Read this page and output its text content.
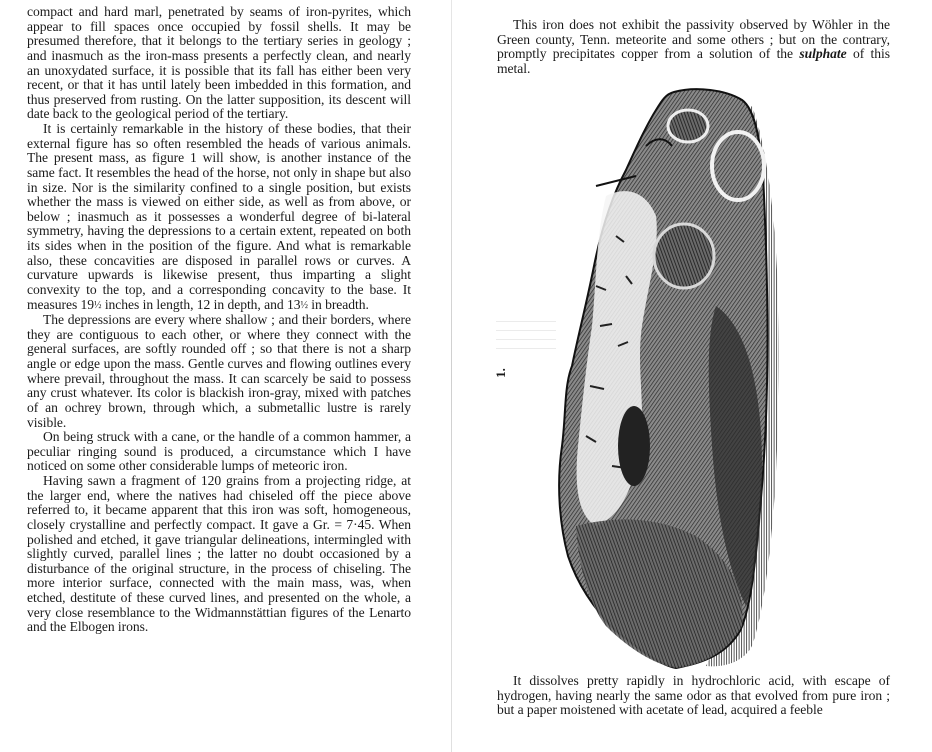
compact and hard marl, penetrated by seams of iron-pyrites, which appear to fill spaces once occupied by fossil shells. It may be presumed therefore, that it belongs to the tertiary series in geology ; and inasmuch as the iron-mass presents a perfectly clean, and nearly an unoxydated surface, it is possible that its fall has either been very recent, or that it has until lately been imbedded in this formation, and thus preserved from rusting. On the latter supposition, its descent will date back to the geological period of the tertiary.

It is certainly remarkable in the history of these bodies, that their external figure has so often resembled the heads of various animals. The present mass, as figure 1 will show, is another instance of the same fact. It resembles the head of the horse, not only in shape but also in size. Nor is the similarity confined to a single position, but exists whether the mass is viewed on either side, as well as from above, or below ; inasmuch as it possesses a wonderful degree of bi-lateral symmetry, having the depressions to a certain extent, repeated on both its sides when in the position of the figure. And what is remarkable also, these concavities are disposed in parallel rows or curves. A curvature upwards is likewise present, thus imparting a slight convexity to the top, and a corresponding concavity to the base. It measures 19½ inches in length, 12 in depth, and 13½ in breadth.

The depressions are every where shallow ; and their borders, where they are contiguous to each other, or where they connect with the general surfaces, are softly rounded off ; so that there is not a sharp angle or edge upon the mass. Gentle curves and flowing outlines every where prevail, throughout the mass. It can scarcely be said to possess any crust whatever. Its color is blackish iron-gray, mixed with patches of an ochrey brown, through which, a submetallic lustre is rarely visible.

On being struck with a cane, or the handle of a common hammer, a peculiar ringing sound is produced, a circumstance which I have noticed on some other considerable lumps of meteoric iron.

Having sawn a fragment of 120 grains from a projecting ridge, at the larger end, where the natives had chiseled off the piece above referred to, it became apparent that this iron was soft, homogeneous, closely crystalline and perfectly compact. It gave a Gr. = 7·45. When polished and etched, it gave triangular delineations, intermingled with slightly curved, parallel lines ; the latter no doubt occasioned by a disturbance of the original structure, in the process of chiseling. The more interior surface, connected with the main mass, was, when etched, destitute of these curved lines, and presented on the whole, a very close resemblance to the Widmannstättian figures of the Lenarto and the Elbogen irons.

This iron does not exhibit the passivity observed by Wöhler in the Green county, Tenn. meteorite and some others ; but on the contrary, promptly precipitates copper from a solution of the sulphate of this metal.

1.

It dissolves pretty rapidly in hydrochloric acid, with escape of hydrogen, having nearly the same odor as that evolved from pure iron ; but a paper moistened with acetate of lead, acquired a feeble
